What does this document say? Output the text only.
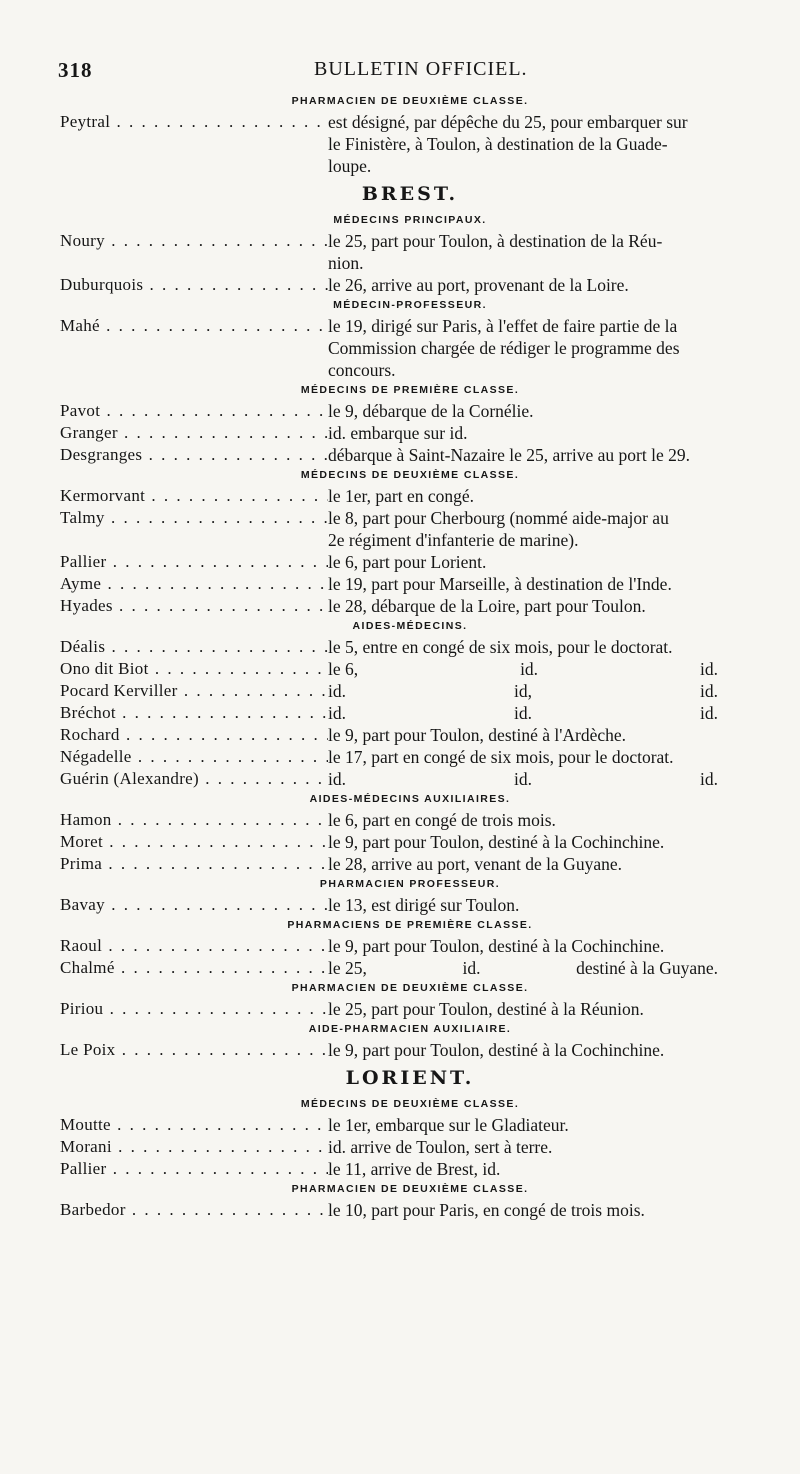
318	BULLETIN OFFICIEL.
PHARMACIEN DE DEUXIÈME CLASSE.
Peytral . . .	est désigné, par dépêche du 25, pour embarquer sur
le Finistère, à Toulon, à destination de la Guade-
loupe.
BREST.
MÉDECINS PRINCIPAUX.
Noury . . .	le 25, part pour Toulon, à destination de la Réu-
nion.
Duburquois . . .	le 26, arrive au port, provenant de la Loire.
MÉDECIN-PROFESSEUR.
Mahé . . .	le 19, dirigé sur Paris, à l'effet de faire partie de la
Commission chargée de rédiger le programme des
concours.
MÉDECINS DE PREMIÈRE CLASSE.
Pavot . . .	le 9, débarque de la Cornélie.
Granger . . .	id. embarque sur id.
Desgranges . . .	débarque à Saint-Nazaire le 25, arrive au port le 29.
MÉDECINS DE DEUXIÈME CLASSE.
Kermorvant . . .	le 1er, part en congé.
Talmy . . .	le 8, part pour Cherbourg (nommé aide-major au
2e régiment d'infanterie de marine).
Pallier . . .	le 6, part pour Lorient.
Ayme . . .	le 19, part pour Marseille, à destination de l'Inde.
Hyades . . .	le 28, débarque de la Loire, part pour Toulon.
AIDES-MÉDECINS.
Déalis . . .	le 5, entre en congé de six mois, pour le doctorat.
Ono dit Biot . . .	le 6,	id.	id.
Pocard Kerviller . . .	id.	id,	id.
Bréchot . . .	id.	id.	id.
Rochard . . .	le 9, part pour Toulon, destiné à l'Ardèche.
Négadelle . . .	le 17, part en congé de six mois, pour le doctorat.
Guérin (Alexandre) . . .	id.	id.	id.
AIDES-MÉDECINS AUXILIAIRES.
Hamon . . .	le 6, part en congé de trois mois.
Moret . . .	le 9, part pour Toulon, destiné à la Cochinchine.
Prima . . .	le 28, arrive au port, venant de la Guyane.
PHARMACIEN PROFESSEUR.
Bavay . . .	le 13, est dirigé sur Toulon.
PHARMACIENS DE PREMIÈRE CLASSE.
Raoul . . .	le 9, part pour Toulon, destiné à la Cochinchine.
Chalmé . . .	le 25,	id.	destiné à la Guyane.
PHARMACIEN DE DEUXIÈME CLASSE.
Piriou . . .	le 25, part pour Toulon, destiné à la Réunion.
AIDE-PHARMACIEN AUXILIAIRE.
Le Poix . . .	le 9, part pour Toulon, destiné à la Cochinchine.
LORIENT.
MÉDECINS DE DEUXIÈME CLASSE.
Moutte . . .	le 1er, embarque sur le Gladiateur.
Morani . . .	id. arrive de Toulon, sert à terre.
Pallier . . .	le 11, arrive de Brest, id.
PHARMACIEN DE DEUXIÈME CLASSE.
Barbedor . . .	le 10, part pour Paris, en congé de trois mois.
